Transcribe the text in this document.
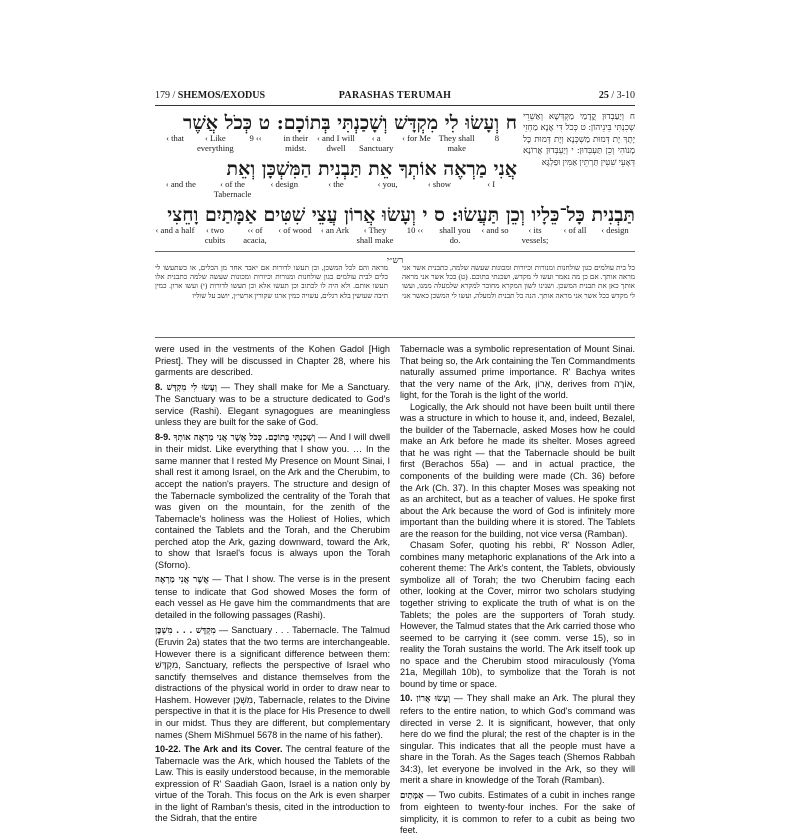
179 / SHEMOS/EXODUS	PARASHAS TERUMAH	25 / 3-10
ח וְיַעַבְדוּן קֳדָמַי מַקְדְּשָׁא וְאַשְׁרֵי שְׁכִנְתִּי בֵּינֵיהוֹן: ט כְּכֹל דִּי אֲנָא מַחְזֵי יָתָךְ יָת דְּמוּת מַשְׁכְּנָא וְיָת דְּמוּת כָּל מָנוֹהִי וְכֵן תַּעְבְּדוּן: י וְיַעְבְּדוּן אֲרוֹנָא דְּאָעֵי שִׁטִּין תַּרְתֵּין אַמִּין וּפַלְגָּא
ח וְעָשׂוּ לִי מִקְדָּשׁ וְשָׁכַנְתִּי בְּתוֹכָם: ט כְּכֹל אֲשֶׁר
‹ that	‹ Like everything
9 ‹‹	in their midst.
‹ and I will dwell
‹ a Sanctuary
‹ for Me They shall make
8
אֲנִי מַרְאֶה אוֹתְךָ אֵת תַּבְנִית הַמִּשְׁכָּן וְאֵת
‹ and the	‹ of the Tabernacle
‹ design	‹ the	‹ you,	‹ show	‹ I
תַּבְנִית כָּל־כֵּלָיו וְכֵן תַּעֲשׂוּ: ס י וְעָשׂוּ אֲרוֹן עֲצֵי שִׁטִּים אַמָּתַיִם וָחֵצִי
‹ and a half	‹ two cubits
‹‹ of acacia,
‹ of wood	‹ an Ark	‹ They shall make
10 ‹‹	shall you do.
‹ and so	‹ its vessels;
‹ of all	‹ design
רש״י
כל בית עולמים כגון שולחנות ומנורות וכיורות ומכונות שעשה שלמה, כתבנית אשר אני מראה אותך. אם כן מה נאמר ועשו לי מקדש, ושכנתי בתוכם. (ט) ככל אשר אני מראה אותך כאן את תבנית המשכן. ושנינו לשון המקרא מחובר למקרא שלמעלה ממנו, ועשו לי מקדש ככל אשר אני מראה אותך. הנה כל תבנית ולמעלה, ועשו לי המשכן כאשר אני מראה והם לכל המשכן, וכן תעשו לדורות אם יאבד אחד מן הכלים, או כשתעשו לי כלים לבית עולמים כגון שולחנות ומנורות וכיורות ומכונות שעשה שלמה כתבנית אלו תעשו אותם. ולא היה לו לכתוב וכן תעשו אלא וכן תעשו לדורות (י) ועשו ארון. כמין תיבה שעושין בלא רגלים, עשויה כמין ארגז שקורין ארשי״ן, יושב על שוליו

were used in the vestments of the Kohen Gadol [High Priest]. They will be discussed in Chapter 28, where his garments are described.

8. וְעָשׂוּ לִי מִקְדָּשׁ — They shall make for Me a Sanctuary. The Sanctuary was to be a structure dedicated to God's service (Rashi). Elegant synagogues are meaningless unless they are built for the sake of God.

8-9. וְשָׁכַנְתִּי בְּתוֹכָם. כְּכֹל אֲשֶׁר אֲנִי מַרְאֶה אוֹתְךָ — And I will dwell in their midst. Like everything that I show you. … In the same manner that I rested My Presence on Mount Sinai, I shall rest it among Israel, on the Ark and the Cherubim, to accept the nation's prayers. The structure and design of the Tabernacle symbolized the centrality of the Torah that was given on the mountain, for the zenith of the Tabernacle's holiness was the Holiest of Holies, which contained the Tablets and the Torah, and the Cherubim perched atop the Ark, gazing downward, toward the Ark, to show that Israel's focus is always upon the Torah (Sforno).

אֲשֶׁר אֲנִי מַרְאֶה — That I show. The verse is in the present tense to indicate that God showed Moses the form of each vessel as He gave him the commandments that are detailed in the following passages (Rashi).

מִקְדָּשׁ . . . מִשְׁכָּן — Sanctuary . . . Tabernacle. The Talmud (Eruvin 2a) states that the two terms are interchangeable. However there is a significant difference between them: מִקְדָּשׁ, Sanctuary, reflects the perspective of Israel who sanctify themselves and distance themselves from the distractions of the physical world in order to draw near to Hashem. However מִשְׁכָּן, Tabernacle, relates to the Divine perspective in that it is the place for His Presence to dwell in our midst. Thus they are different, but complementary names (Shem MiShmuel 5678 in the name of his father).

10-22. The Ark and its Cover. The central feature of the Tabernacle was the Ark, which housed the Tablets of the Law. This is easily understood because, in the memorable expression of R' Saadiah Gaon, Israel is a nation only by virtue of the Torah. This focus on the Ark is even sharper in the light of Ramban's thesis, cited in the introduction to the Sidrah, that the entire

Tabernacle was a symbolic representation of Mount Sinai. That being so, the Ark containing the Ten Commandments naturally assumed prime importance. R' Bachya writes that the very name of the Ark, אָרוֹן, derives from אוֹרָה, light, for the Torah is the light of the world.

Logically, the Ark should not have been built until there was a structure in which to house it, and, indeed, Bezalel, the builder of the Tabernacle, asked Moses how he could make an Ark before he made its shelter. Moses agreed that he was right — that the Tabernacle should be built first (Berachos 55a) — and in actual practice, the components of the building were made (Ch. 36) before the Ark (Ch. 37). In this chapter Moses was speaking not as an architect, but as a teacher of values. He spoke first about the Ark because the word of God is infinitely more important than the building where it is stored. The Tablets are the reason for the building, not vice versa (Ramban).

Chasam Sofer, quoting his rebbi, R' Nosson Adler, combines many metaphoric explanations of the Ark into a coherent theme: The Ark's content, the Tablets, obviously symbolize all of Torah; the two Cherubim facing each other, looking at the Cover, mirror two scholars studying together striving to explicate the truth of what is on the Tablets; the poles are the supporters of Torah study. However, the Talmud states that the Ark carried those who seemed to be carrying it (see comm. verse 15), so in reality the Torah sustains the world. The Ark itself took up no space and the Cherubim stood miraculously (Yoma 21a, Megillah 10b), to symbolize that the Torah is not bound by time or space.

10. וְעָשׂוּ אֲרוֹן — They shall make an Ark. The plural they refers to the entire nation, to which God's command was directed in verse 2. It is significant, however, that only here do we find the plural; the rest of the chapter is in the singular. This indicates that all the people must have a share in the Torah. As the Sages teach (Shemos Rabbah 34:3), let everyone be involved in the Ark, so they will merit a share in knowledge of the Torah (Ramban).

אַמָּתַיִם — Two cubits. Estimates of a cubit in inches range from eighteen to twenty-four inches. For the sake of simplicity, it is common to refer to a cubit as being two feet.
